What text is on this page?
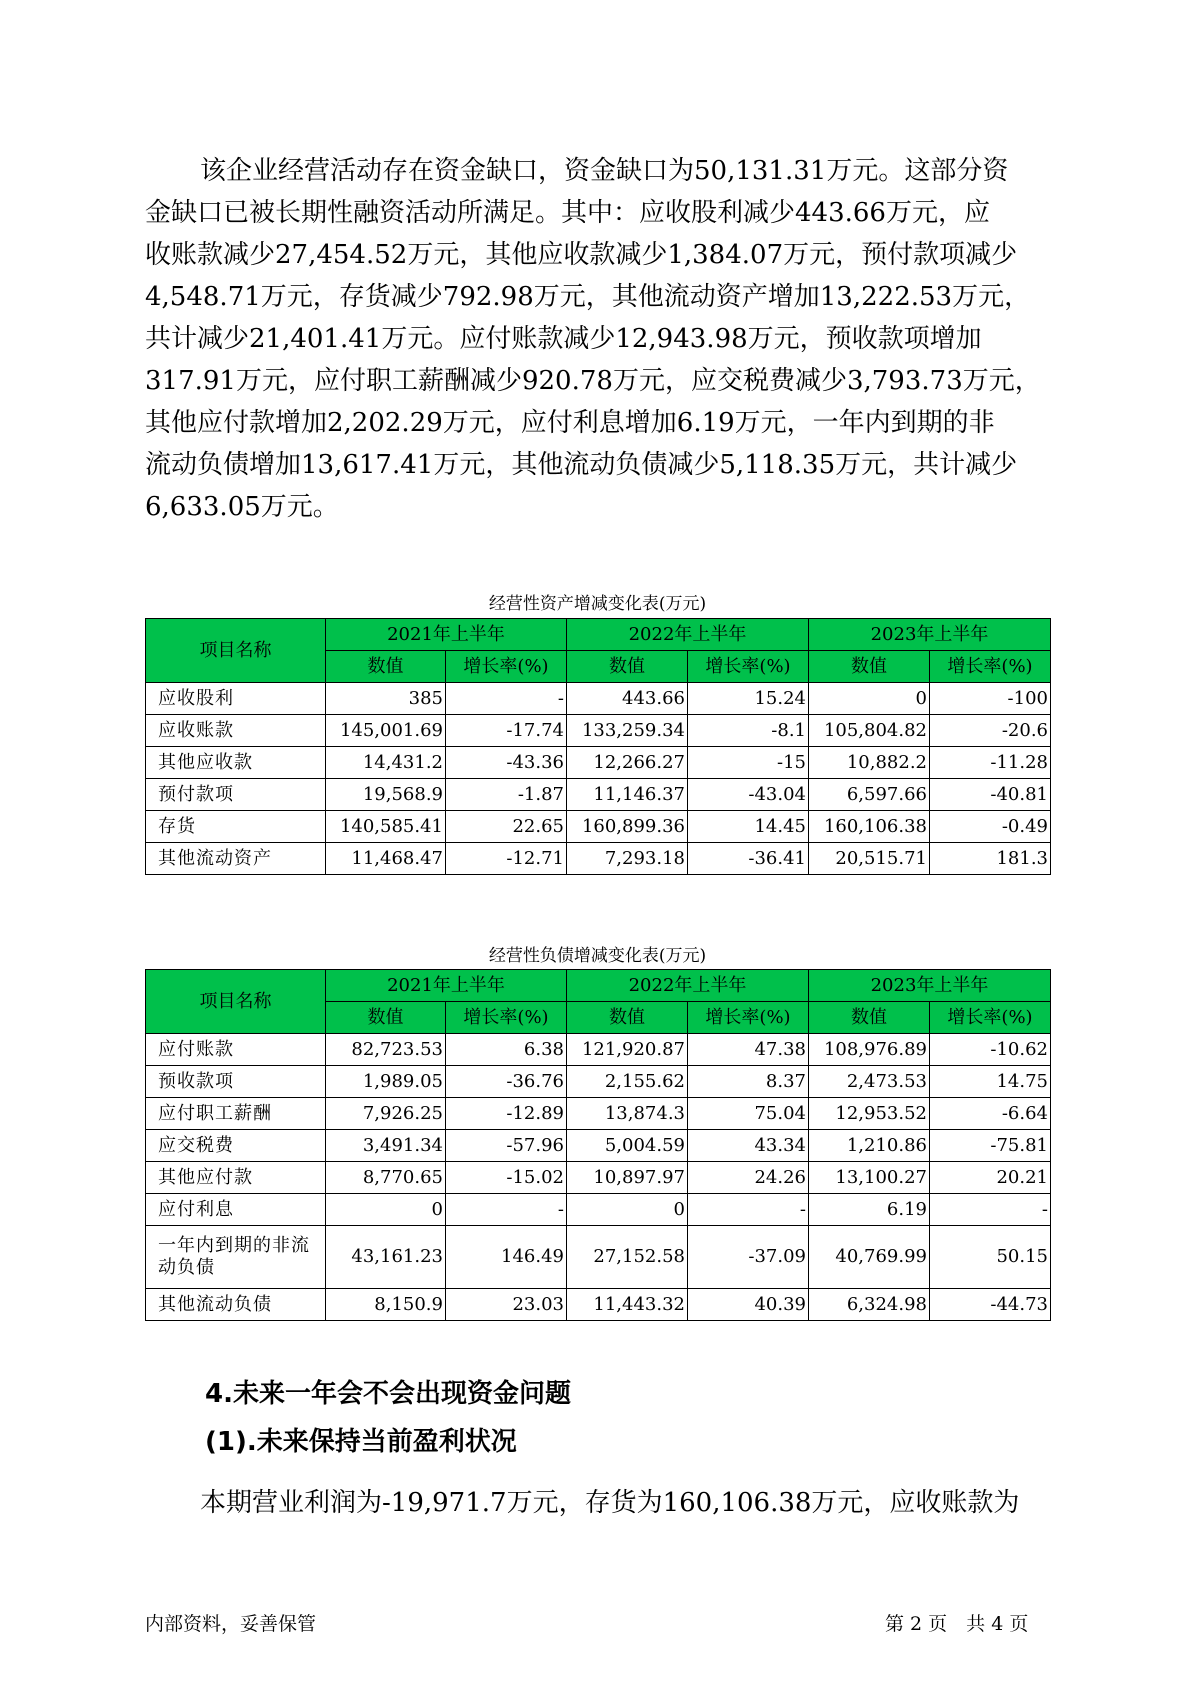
该企业经营活动存在资金缺口，资金缺口为50,131.31万元。这部分资
金缺口已被长期性融资活动所满足。其中：应收股利减少443.66万元，应
收账款减少27,454.52万元，其他应收款减少1,384.07万元，预付款项减少
4,548.71万元，存货减少792.98万元，其他流动资产增加13,222.53万元，
共计减少21,401.41万元。应付账款减少12,943.98万元，预收款项增加
317.91万元，应付职工薪酬减少920.78万元，应交税费减少3,793.73万元，
其他应付款增加2,202.29万元，应付利息增加6.19万元，一年内到期的非
流动负债增加13,617.41万元，其他流动负债减少5,118.35万元，共计减少
6,633.05万元。
经营性资产增减变化表(万元)
项目名称	2021年上半年		2022年上半年		2023年上半年	
	数值	增长率(%)	数值	增长率(%)	数值	增长率(%)
应收股利	385	-	443.66	15.24	0	-100
应收账款	145,001.69	-17.74	133,259.34	-8.1	105,804.82	-20.6
其他应收款	14,431.2	-43.36	12,266.27	-15	10,882.2	-11.28
预付款项	19,568.9	-1.87	11,146.37	-43.04	6,597.66	-40.81
存货	140,585.41	22.65	160,899.36	14.45	160,106.38	-0.49
其他流动资产	11,468.47	-12.71	7,293.18	-36.41	20,515.71	181.3
经营性负债增减变化表(万元)
项目名称	2021年上半年		2022年上半年		2023年上半年	
	数值	增长率(%)	数值	增长率(%)	数值	增长率(%)
应付账款	82,723.53	6.38	121,920.87	47.38	108,976.89	-10.62
预收款项	1,989.05	-36.76	2,155.62	8.37	2,473.53	14.75
应付职工薪酬	7,926.25	-12.89	13,874.3	75.04	12,953.52	-6.64
应交税费	3,491.34	-57.96	5,004.59	43.34	1,210.86	-75.81
其他应付款	8,770.65	-15.02	10,897.97	24.26	13,100.27	20.21
应付利息	0	-	0	-	6.19	-
一年内到期的非流动负债	43,161.23	146.49	27,152.58	-37.09	40,769.99	50.15
其他流动负债	8,150.9	23.03	11,443.32	40.39	6,324.98	-44.73
4.未来一年会不会出现资金问题
(1).未来保持当前盈利状况
本期营业利润为-19,971.7万元，存货为160,106.38万元，应收账款为
内部资料，妥善保管	第 2 页　共 4 页
